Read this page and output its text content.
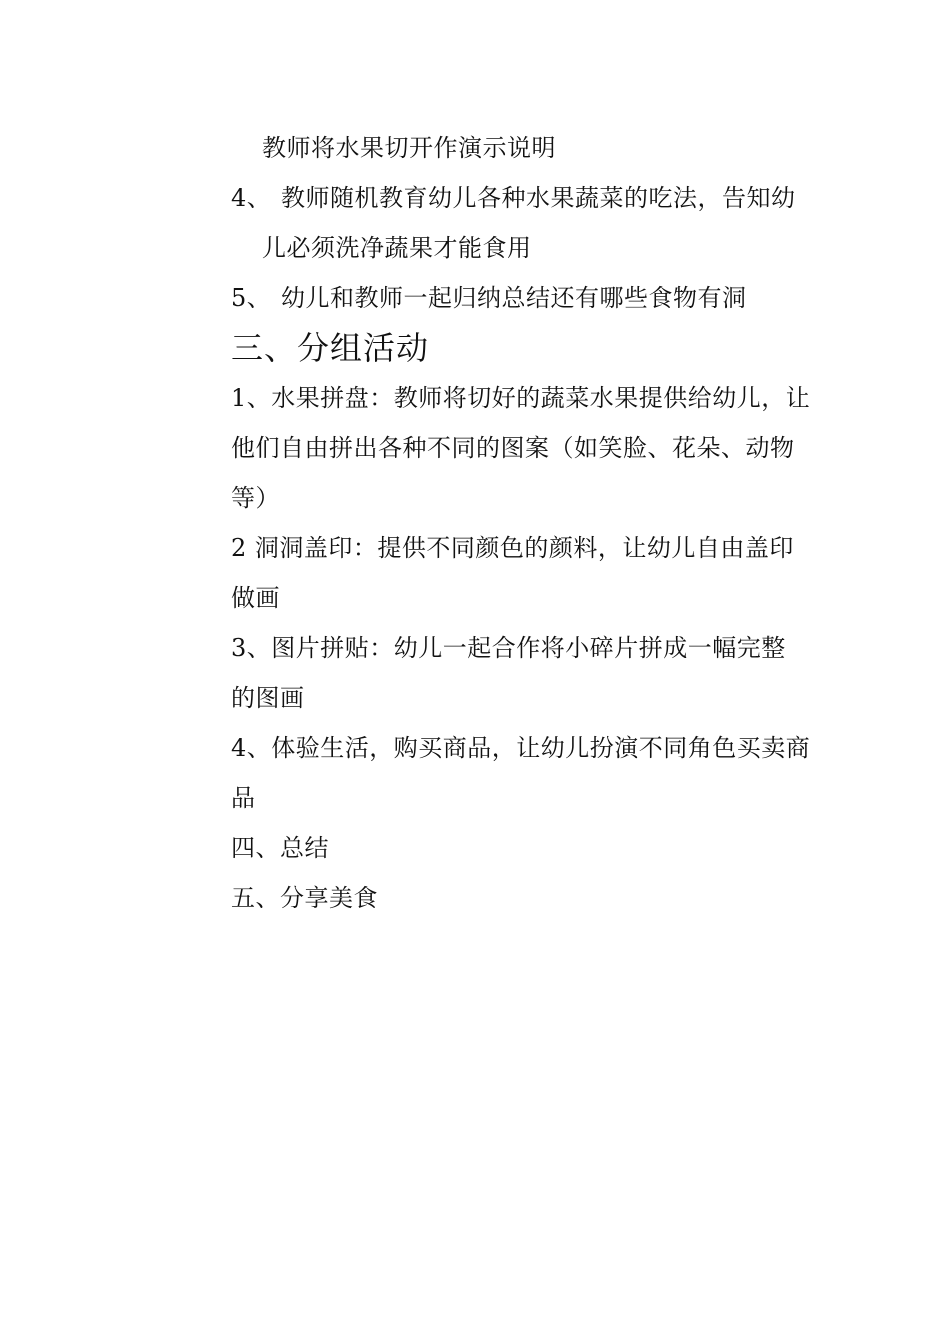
教师将水果切开作演示说明
4、 教师随机教育幼儿各种水果蔬菜的吃法，告知幼
儿必须洗净蔬果才能食用
5、 幼儿和教师一起归纳总结还有哪些食物有洞
三、分组活动
1、水果拼盘：教师将切好的蔬菜水果提供给幼儿，让
他们自由拼出各种不同的图案（如笑脸、花朵、动物
等）
2 洞洞盖印：提供不同颜色的颜料，让幼儿自由盖印
做画
3、图片拼贴：幼儿一起合作将小碎片拼成一幅完整
的图画
4、体验生活，购买商品，让幼儿扮演不同角色买卖商
品
四、总结
五、分享美食
